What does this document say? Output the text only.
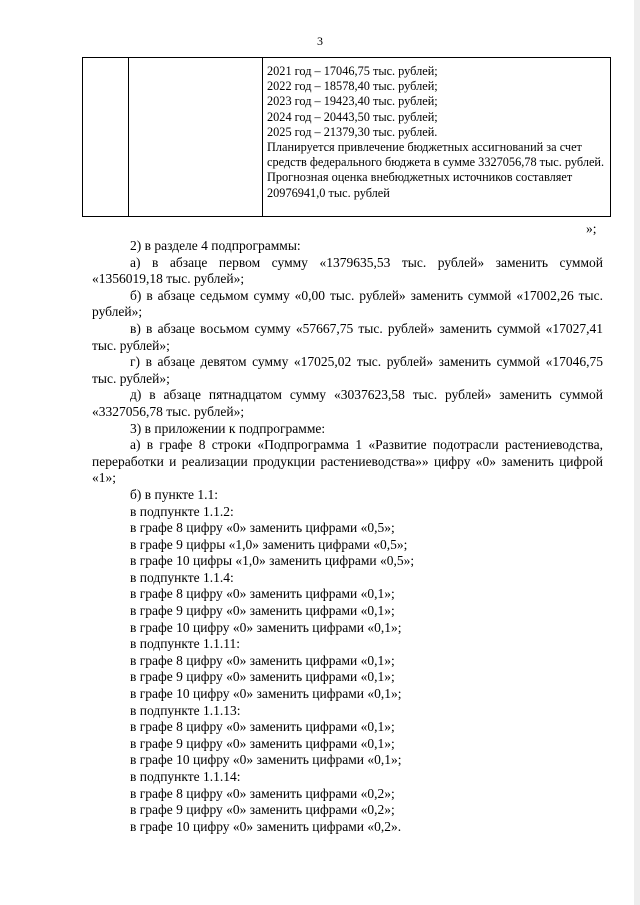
3
2021 год – 17046,75 тыс. рублей;
2022 год – 18578,40 тыс. рублей;
2023 год – 19423,40 тыс. рублей;
2024 год – 20443,50 тыс. рублей;
2025 год – 21379,30 тыс. рублей.
Планируется привлечение бюджетных ассигнований за счет средств федерального бюджета в сумме 3327056,78 тыс. рублей.
Прогнозная оценка внебюджетных источников составляет 20976941,0 тыс. рублей
»;

2) в разделе 4 подпрограммы:

а) в абзаце первом сумму «1379635,53 тыс. рублей» заменить суммой «1356019,18 тыс. рублей»;

б) в абзаце седьмом сумму «0,00 тыс. рублей» заменить суммой «17002,26 тыс. рублей»;

в) в абзаце восьмом сумму «57667,75 тыс. рублей» заменить суммой «17027,41 тыс. рублей»;

г) в абзаце девятом сумму «17025,02 тыс. рублей» заменить суммой «17046,75 тыс. рублей»;

д) в абзаце пятнадцатом сумму «3037623,58 тыс. рублей» заменить суммой «3327056,78 тыс. рублей»;

3) в приложении к подпрограмме:

а) в графе 8 строки «Подпрограмма 1 «Развитие подотрасли растениеводства, переработки и реализации продукции растениеводства»» цифру «0» заменить цифрой «1»;

б) в пункте 1.1:

в подпункте 1.1.2:

в графе 8 цифру «0» заменить цифрами «0,5»;

в графе 9 цифры «1,0» заменить цифрами «0,5»;

в графе 10 цифры «1,0» заменить цифрами «0,5»;

в подпункте 1.1.4:

в графе 8 цифру «0» заменить цифрами «0,1»;

в графе 9 цифру «0» заменить цифрами «0,1»;

в графе 10 цифру «0» заменить цифрами «0,1»;

в подпункте 1.1.11:

в графе 8 цифру «0» заменить цифрами «0,1»;

в графе 9 цифру «0» заменить цифрами «0,1»;

в графе 10 цифру «0» заменить цифрами «0,1»;

в подпункте 1.1.13:

в графе 8 цифру «0» заменить цифрами «0,1»;

в графе 9 цифру «0» заменить цифрами «0,1»;

в графе 10 цифру «0» заменить цифрами «0,1»;

в подпункте 1.1.14:

в графе 8 цифру «0» заменить цифрами «0,2»;

в графе 9 цифру «0» заменить цифрами «0,2»;

в графе 10 цифру «0» заменить цифрами «0,2».
